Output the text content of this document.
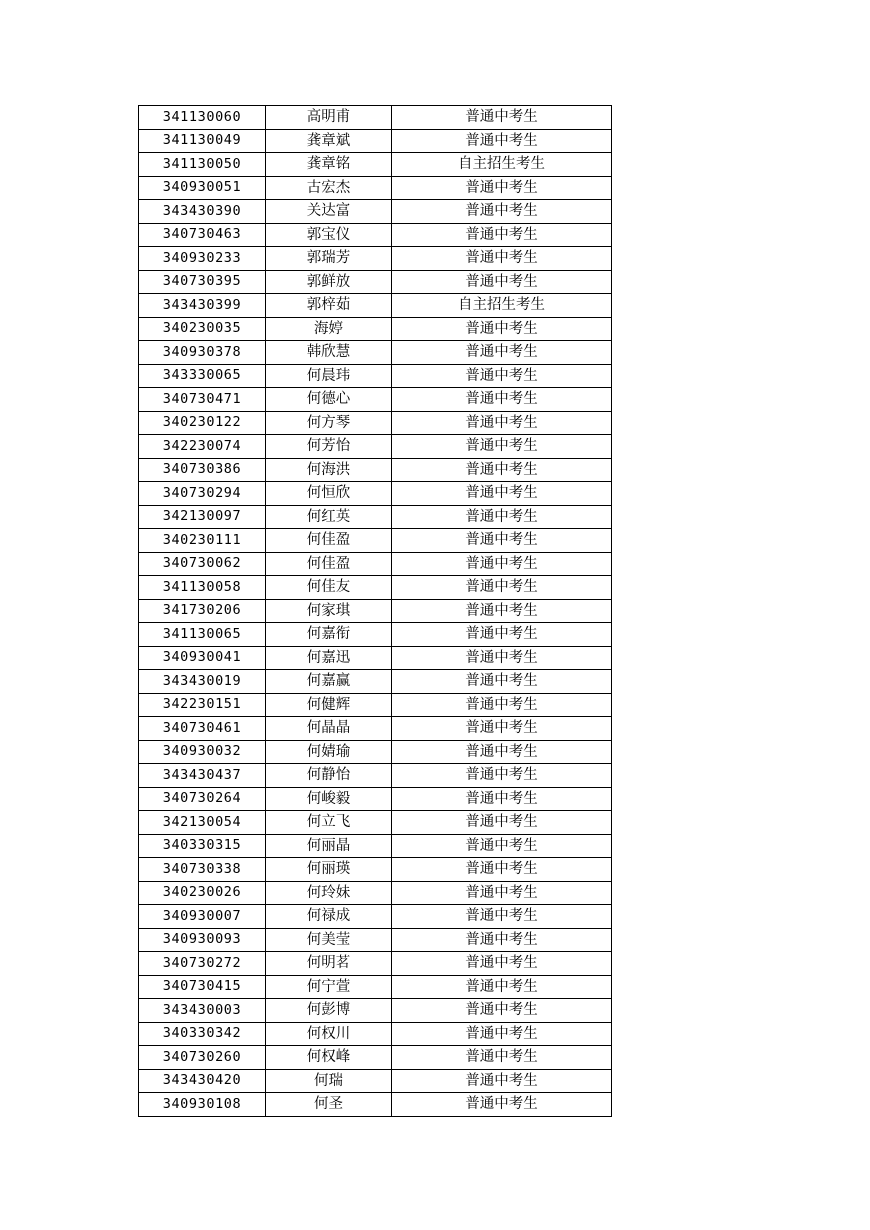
341130060	高明甫	普通中考生
341130049	龚章斌	普通中考生
341130050	龚章铭	自主招生考生
340930051	古宏杰	普通中考生
343430390	关达富	普通中考生
340730463	郭宝仪	普通中考生
340930233	郭瑞芳	普通中考生
340730395	郭鲜放	普通中考生
343430399	郭梓茹	自主招生考生
340230035	海婷	普通中考生
340930378	韩欣慧	普通中考生
343330065	何晨玮	普通中考生
340730471	何德心	普通中考生
340230122	何方琴	普通中考生
342230074	何芳怡	普通中考生
340730386	何海洪	普通中考生
340730294	何恒欣	普通中考生
342130097	何红英	普通中考生
340230111	何佳盈	普通中考生
340730062	何佳盈	普通中考生
341130058	何佳友	普通中考生
341730206	何家琪	普通中考生
341130065	何嘉衔	普通中考生
340930041	何嘉迅	普通中考生
343430019	何嘉赢	普通中考生
342230151	何健辉	普通中考生
340730461	何晶晶	普通中考生
340930032	何婧瑜	普通中考生
343430437	何静怡	普通中考生
340730264	何峻毅	普通中考生
342130054	何立飞	普通中考生
340330315	何丽晶	普通中考生
340730338	何丽瑛	普通中考生
340230026	何玲妹	普通中考生
340930007	何禄成	普通中考生
340930093	何美莹	普通中考生
340730272	何明茗	普通中考生
340730415	何宁萱	普通中考生
343430003	何彭博	普通中考生
340330342	何权川	普通中考生
340730260	何权峰	普通中考生
343430420	何瑞	普通中考生
340930108	何圣	普通中考生
